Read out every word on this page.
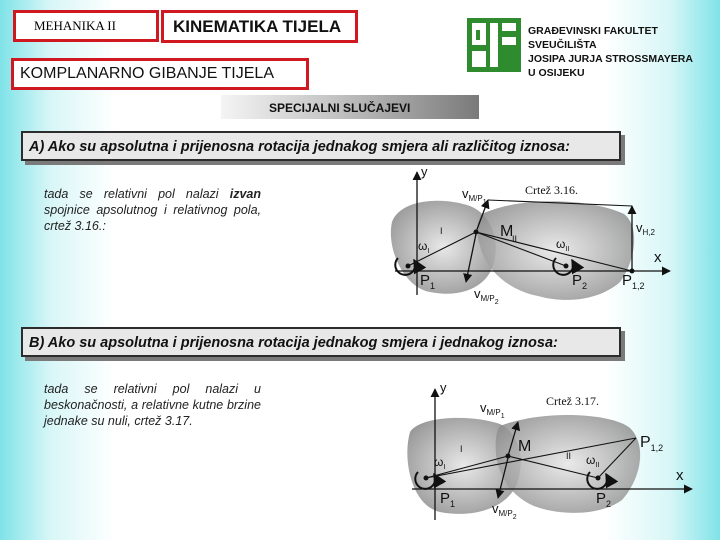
MEHANIKA II	KINEMATIKA TIJELA
KOMPLANARNO GIBANJE TIJELA
GRAĐEVINSKI FAKULTET
SVEUČILIŠTA
JOSIPA JURJA STROSSMAYERA
U OSIJEKU
SPECIJALNI SLUČAJEVI
A) Ako su apsolutna i prijenosna rotacija jednakog smjera ali različitog iznosa:
tada se relativni pol nalazi izvan spojnice apsolutnog i relativnog pola, crtež 3.16.:
Crtež 3.16.
y
x
M
I
II
$v_{M/P1}$
$v_{M/P2}$
$v_{H,2}$
$P_1$	$P_2$ $P_{1,2}$
$\omega_I$
$\omega_{II}$
B) Ako su apsolutna i prijenosna rotacija jednakog smjera i jednakog iznosa:
tada se relativni pol nalazi u beskonačnosti, a relativne kutne brzine jednake su nuli, crtež 3.17.
Crtež 3.17.
y
x
M
I
II
$P_{1,2}$
$v_{M/P1}$
$v_{M/P2}$
$P_1$	$P_2$
$\omega_I$
$\omega_{II}$
